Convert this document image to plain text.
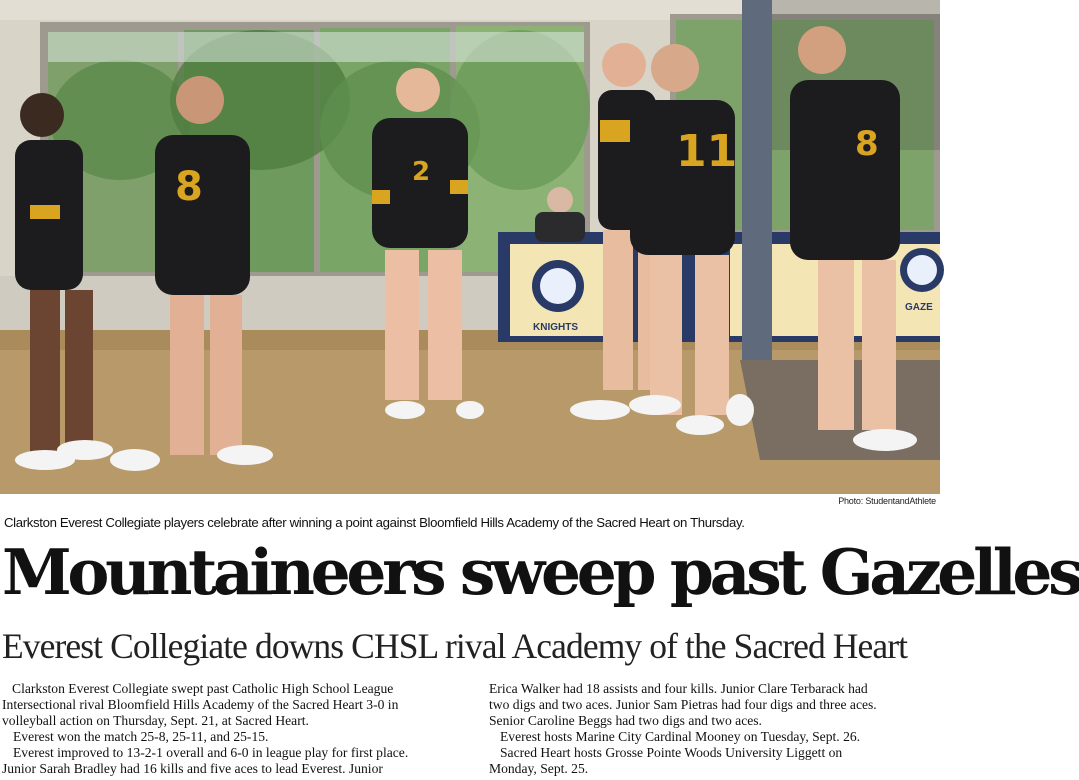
KNIGHTS
GAZE
8	2	11	8
Photo: StudentandAthlete
Clarkston Everest Collegiate players celebrate after winning a point against Bloomfield Hills Academy of the Sacred Heart on Thursday.
Mountaineers sweep past Gazelles
Everest Collegiate downs CHSL rival Academy of the Sacred Heart

Clarkston Everest Collegiate swept past Catholic High School League

Intersectional rival Bloomfield Hills Academy of the Sacred Heart 3-0 in

volleyball action on Thursday, Sept. 21, at Sacred Heart.

Everest won the match 25-8, 25-11, and 25-15.

Everest improved to 13-2-1 overall and 6-0 in league play for first place.

Junior Sarah Bradley had 16 kills and five aces to lead Everest. Junior

Erica Walker had 18 assists and four kills. Junior Clare Terbarack had

two digs and two aces. Junior Sam Pietras had four digs and three aces.

Senior Caroline Beggs had two digs and two aces.

Everest hosts Marine City Cardinal Mooney on Tuesday, Sept. 26.

Sacred Heart hosts Grosse Pointe Woods University Liggett on

Monday, Sept. 25.
